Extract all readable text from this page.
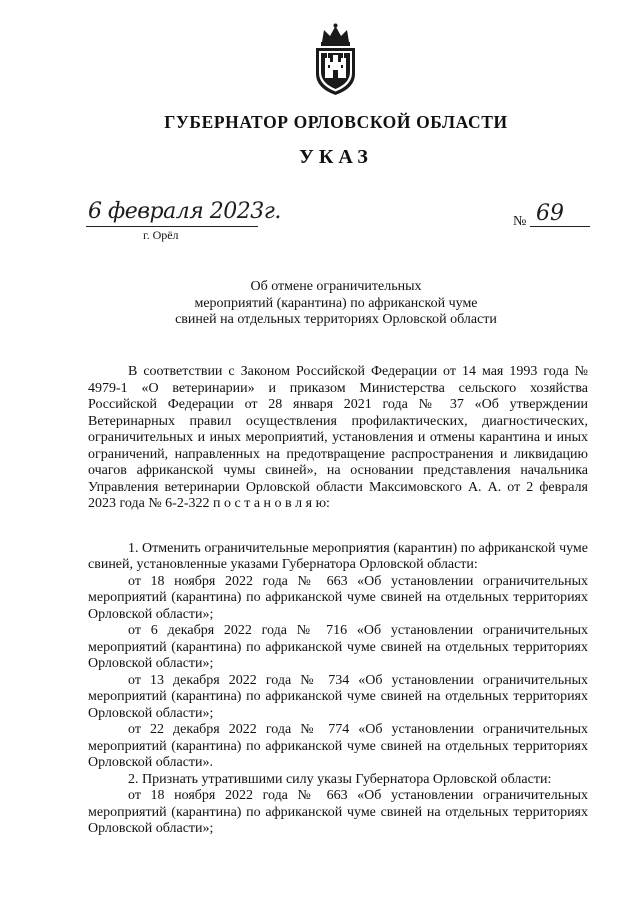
ГУБЕРНАТОР ОРЛОВСКОЙ ОБЛАСТИ
УКАЗ
6 февраля 2023г.
г. Орёл
№ 69
Об отмене ограничительных
мероприятий (карантина) по африканской чуме
свиней на отдельных территориях Орловской области

В соответствии с Законом Российской Федерации от 14 мая 1993 года № 4979-1 «О ветеринарии» и приказом Министерства сельского хозяйства Российской Федерации от 28 января 2021 года № 37 «Об утверждении Ветеринарных правил осуществления профилактических, диагностических, ограничительных и иных мероприятий, установления и отмены карантина и иных ограничений, направленных на предотвращение распространения и ликвидацию очагов африканской чумы свиней», на основании представления начальника Управления ветеринарии Орловской области Максимовского А. А. от 2 февраля 2023 года № 6-2-322 п о с т а н о в л я ю:

1. Отменить ограничительные мероприятия (карантин) по африканской чуме свиней, установленные указами Губернатора Орловской области:

от 18 ноября 2022 года № 663 «Об установлении ограничительных мероприятий (карантина) по африканской чуме свиней на отдельных территориях Орловской области»;

от 6 декабря 2022 года № 716 «Об установлении ограничительных мероприятий (карантина) по африканской чуме свиней на отдельных территориях Орловской области»;

от 13 декабря 2022 года № 734 «Об установлении ограничительных мероприятий (карантина) по африканской чуме свиней на отдельных территориях Орловской области»;

от 22 декабря 2022 года № 774 «Об установлении ограничительных мероприятий (карантина) по африканской чуме свиней на отдельных территориях Орловской области».

2. Признать утратившими силу указы Губернатора Орловской области:

от 18 ноября 2022 года № 663 «Об установлении ограничительных мероприятий (карантина) по африканской чуме свиней на отдельных территориях Орловской области»;
